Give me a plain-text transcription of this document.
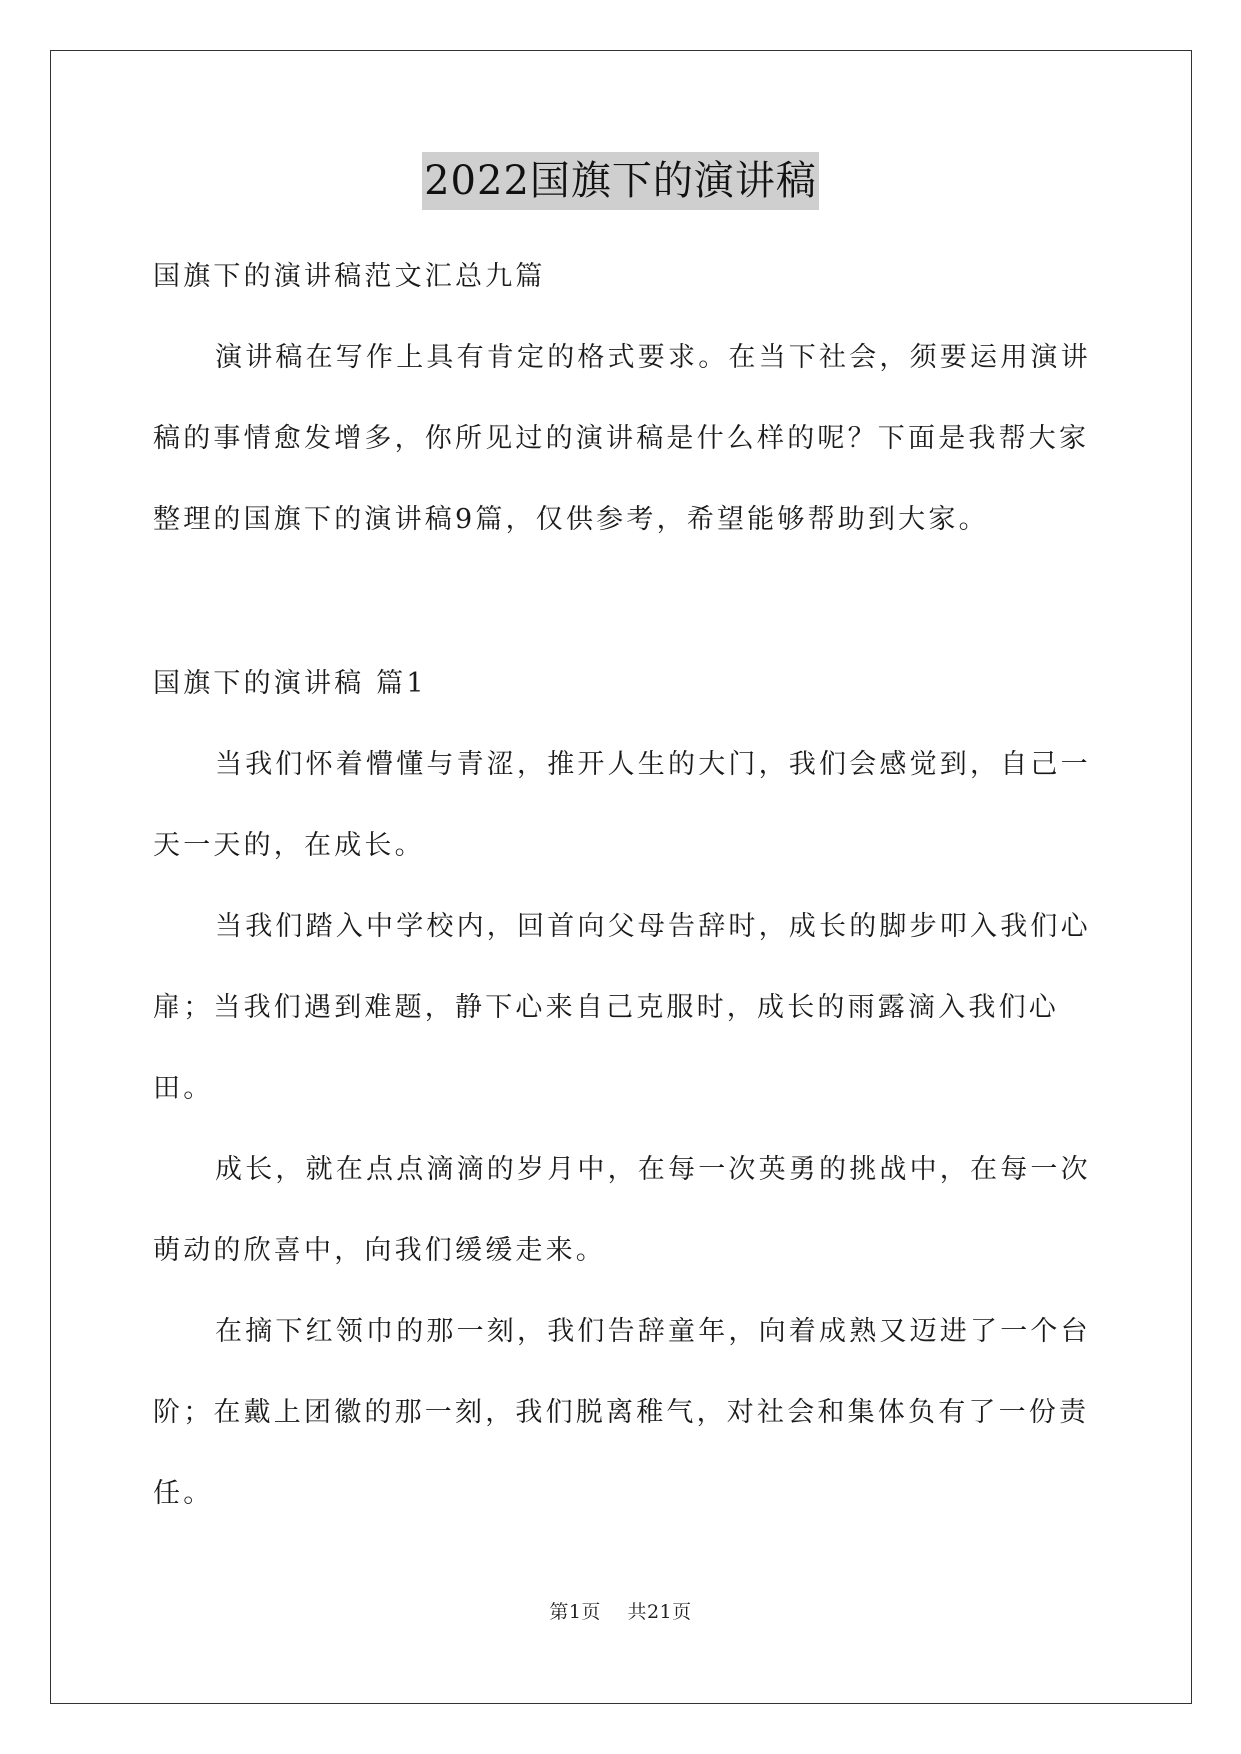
2022国旗下的演讲稿

国旗下的演讲稿范文汇总九篇

演讲稿在写作上具有肯定的格式要求。在当下社会，须要运用演讲稿的事情愈发增多，你所见过的演讲稿是什么样的呢？下面是我帮大家整理的国旗下的演讲稿9篇，仅供参考，希望能够帮助到大家。

国旗下的演讲稿 篇1

当我们怀着懵懂与青涩，推开人生的大门，我们会感觉到，自己一天一天的，在成长。

当我们踏入中学校内，回首向父母告辞时，成长的脚步叩入我们心扉；当我们遇到难题，静下心来自己克服时，成长的雨露滴入我们心田。

成长，就在点点滴滴的岁月中，在每一次英勇的挑战中，在每一次萌动的欣喜中，向我们缓缓走来。

在摘下红领巾的那一刻，我们告辞童年，向着成熟又迈进了一个台阶；在戴上团徽的那一刻，我们脱离稚气，对社会和集体负有了一份责任。

第1页 共21页
